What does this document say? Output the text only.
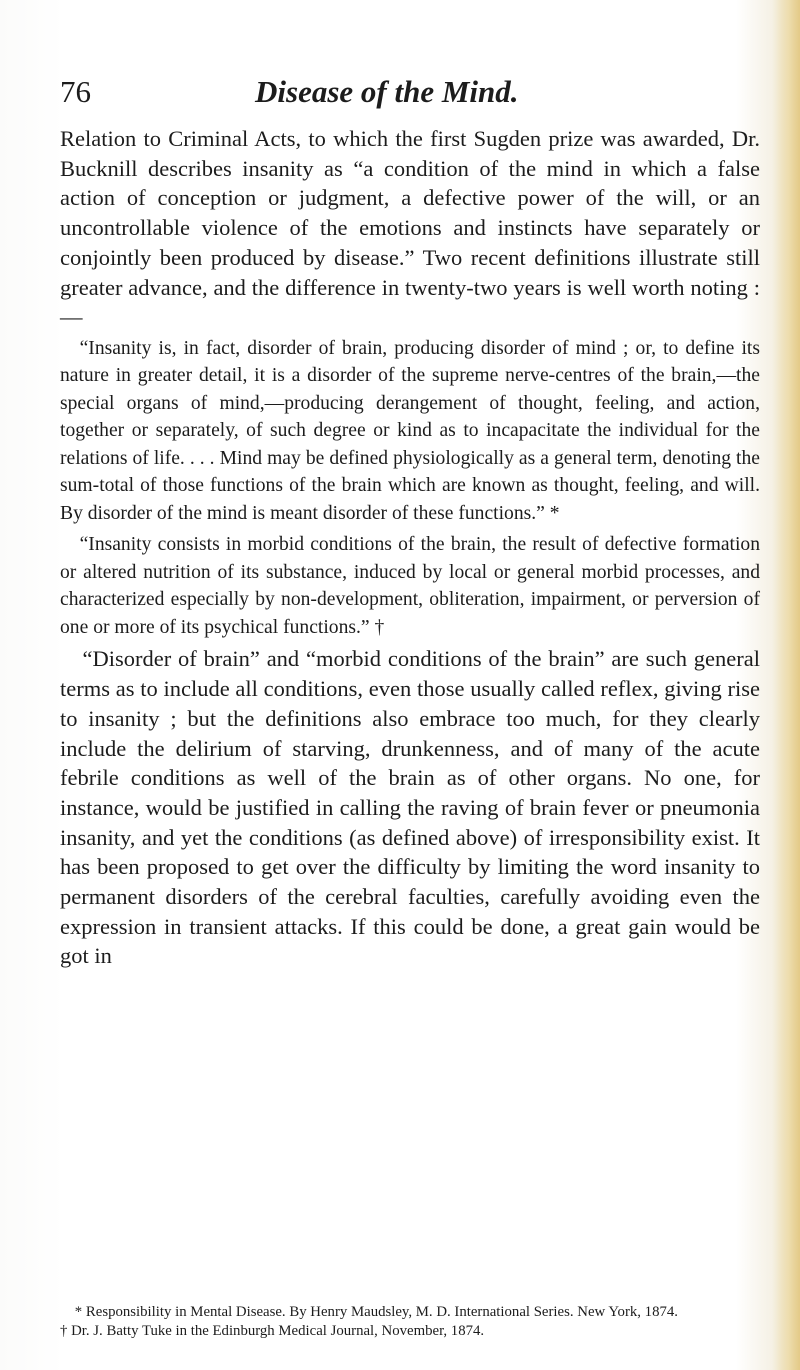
76	Disease of the Mind.

Relation to Criminal Acts, to which the first Sugden prize was awarded, Dr. Bucknill describes insanity as “a condition of the mind in which a false action of conception or judgment, a defective power of the will, or an uncontrollable violence of the emotions and instincts have separately or conjointly been produced by disease.” Two recent definitions illustrate still greater advance, and the difference in twenty-two years is well worth noting :—

“Insanity is, in fact, disorder of brain, producing disorder of mind ; or, to define its nature in greater detail, it is a disorder of the supreme nerve-centres of the brain,—the special organs of mind,—producing derangement of thought, feeling, and action, together or separately, of such degree or kind as to incapacitate the individual for the relations of life. . . . Mind may be defined physiologically as a general term, denoting the sum-total of those functions of the brain which are known as thought, feeling, and will. By disorder of the mind is meant disorder of these functions.” *

“Insanity consists in morbid conditions of the brain, the result of defective formation or altered nutrition of its substance, induced by local or general morbid processes, and characterized especially by non-development, obliteration, impairment, or perversion of one or more of its psychical functions.” †

“Disorder of brain” and “morbid conditions of the brain” are such general terms as to include all conditions, even those usually called reflex, giving rise to insanity ; but the definitions also embrace too much, for they clearly include the delirium of starving, drunkenness, and of many of the acute febrile conditions as well of the brain as of other organs. No one, for instance, would be justified in calling the raving of brain fever or pneumonia insanity, and yet the conditions (as defined above) of irresponsibility exist. It has been proposed to get over the difficulty by limiting the word insanity to permanent disorders of the cerebral faculties, carefully avoiding even the expression in transient attacks. If this could be done, a great gain would be got in

* Responsibility in Mental Disease. By Henry Maudsley, M. D. International Series. New York, 1874.

† Dr. J. Batty Tuke in the Edinburgh Medical Journal, November, 1874.
